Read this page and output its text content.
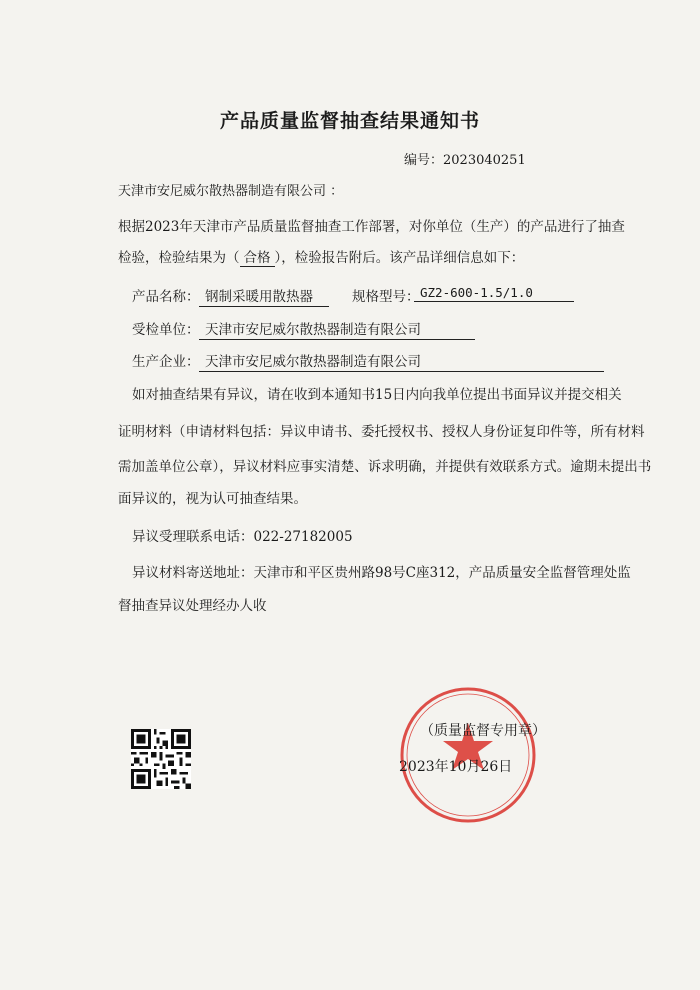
产品质量监督抽查结果通知书
编号：2023040251
天津市安尼威尔散热器制造有限公司 ：
根据2023年天津市产品质量监督抽查工作部署，对你单位（生产）的产品进行了抽查
检验，检验结果为（ 合格 ），检验报告附后。该产品详细信息如下：
产品名称： 钢制采暖用散热器	规格型号： GZ2-600-1.5/1.0
受检单位： 天津市安尼威尔散热器制造有限公司
生产企业： 天津市安尼威尔散热器制造有限公司
如对抽查结果有异议，请在收到本通知书15日内向我单位提出书面异议并提交相关
证明材料（申请材料包括：异议申请书、委托授权书、授权人身份证复印件等，所有材料
需加盖单位公章），异议材料应事实清楚、诉求明确，并提供有效联系方式。逾期未提出书
面异议的，视为认可抽查结果。
异议受理联系电话：022-27182005
异议材料寄送地址：天津市和平区贵州路98号C座312，产品质量安全监督管理处监
督抽查异议处理经办人收
（质量监督专用章）
2023年10月26日
